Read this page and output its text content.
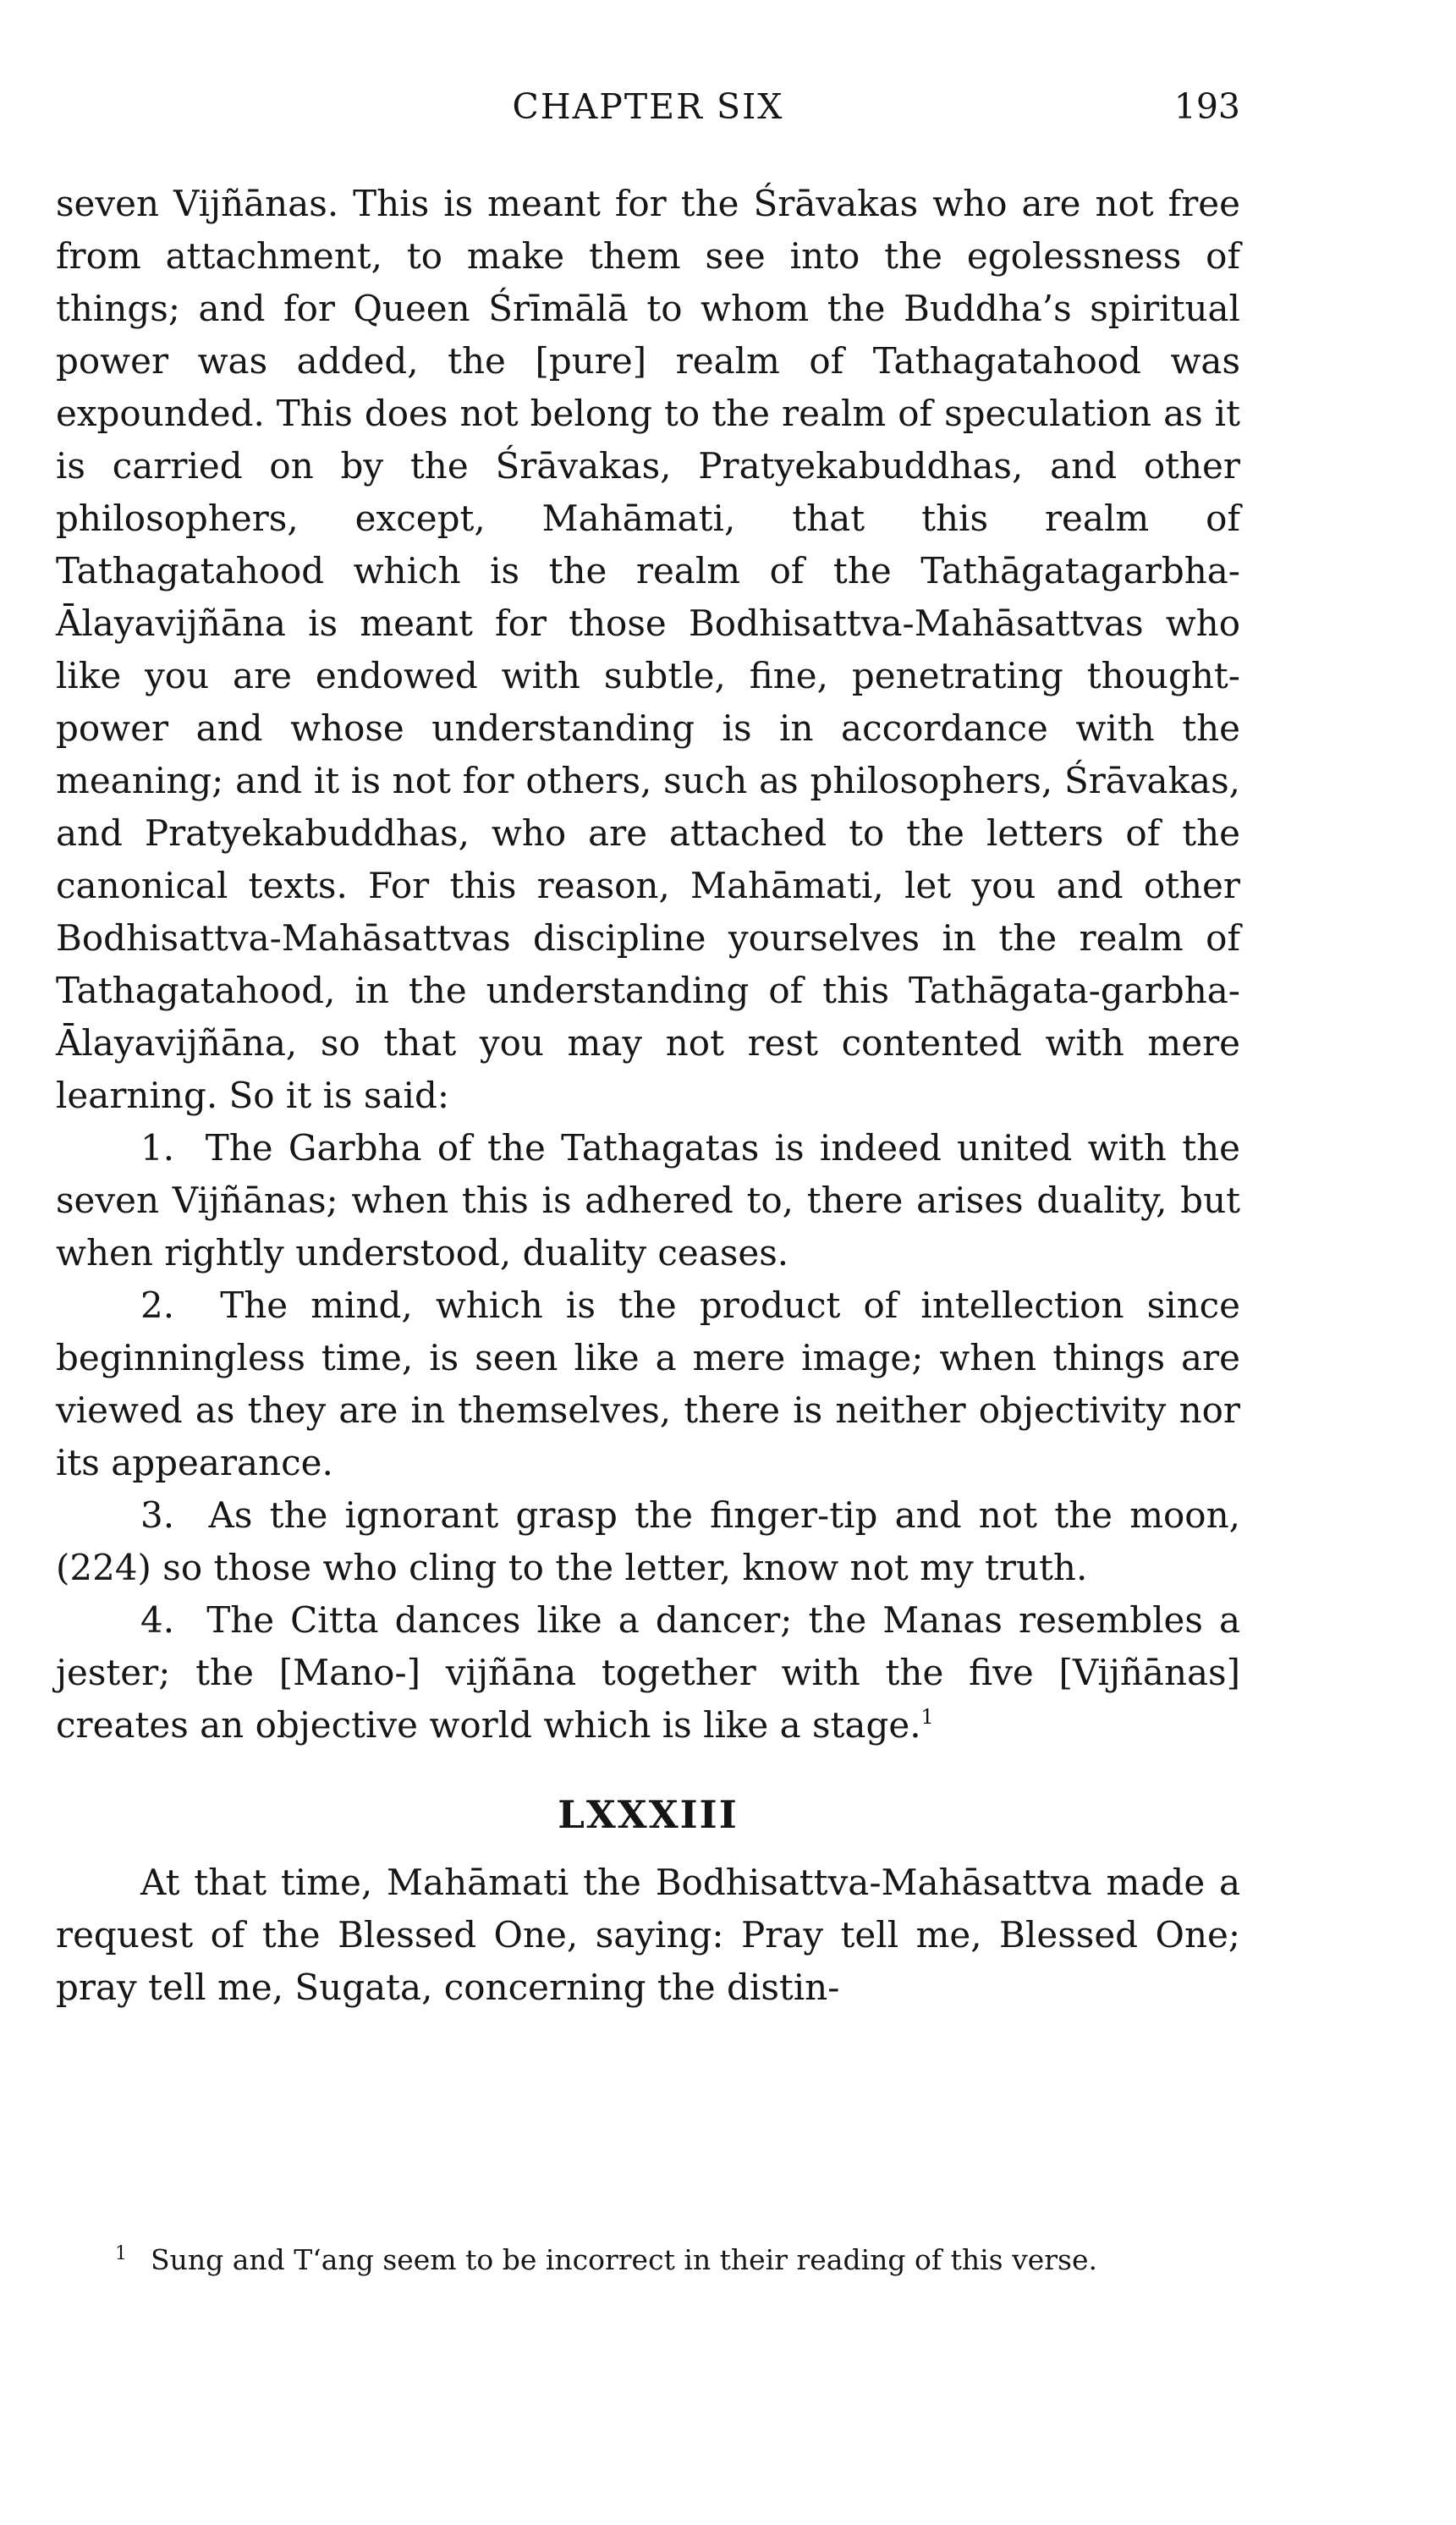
CHAPTER SIX	193

seven Vijñānas. This is meant for the Śrāvakas who are not free from attachment, to make them see into the egolessness of things; and for Queen Śrīmālā to whom the Buddha’s spiritual power was added, the [pure] realm of Tathagatahood was expounded. This does not belong to the realm of speculation as it is carried on by the Śrāvakas, Pratyekabuddhas, and other philosophers, except, Mahāmati, that this realm of Tathagatahood which is the realm of the Tathāgatagarbha-Ālayavijñāna is meant for those Bodhisattva-Mahāsattvas who like you are endowed with subtle, fine, penetrating thought-power and whose understanding is in accordance with the meaning; and it is not for others, such as philosophers, Śrāvakas, and Pratyekabuddhas, who are attached to the letters of the canonical texts. For this reason, Mahāmati, let you and other Bodhisattva-Mahāsattvas discipline yourselves in the realm of Tathagatahood, in the understanding of this Tathāgata-garbha-Ālayavijñāna, so that you may not rest contented with mere learning. So it is said:

1. The Garbha of the Tathagatas is indeed united with the seven Vijñānas; when this is adhered to, there arises duality, but when rightly understood, duality ceases.

2. The mind, which is the product of intellection since beginningless time, is seen like a mere image; when things are viewed as they are in themselves, there is neither objectivity nor its appearance.

3. As the ignorant grasp the finger-tip and not the moon, (224) so those who cling to the letter, know not my truth.

4. The Citta dances like a dancer; the Manas resembles a jester; the [Mano-] vijñāna together with the five [Vijñānas] creates an objective world which is like a stage.$^1$

LXXXIII

At that time, Mahāmati the Bodhisattva-Mahāsattva made a request of the Blessed One, saying: Pray tell me, Blessed One; pray tell me, Sugata, concerning the distin-

$^1$ Sung and T‘ang seem to be incorrect in their reading of this verse.
